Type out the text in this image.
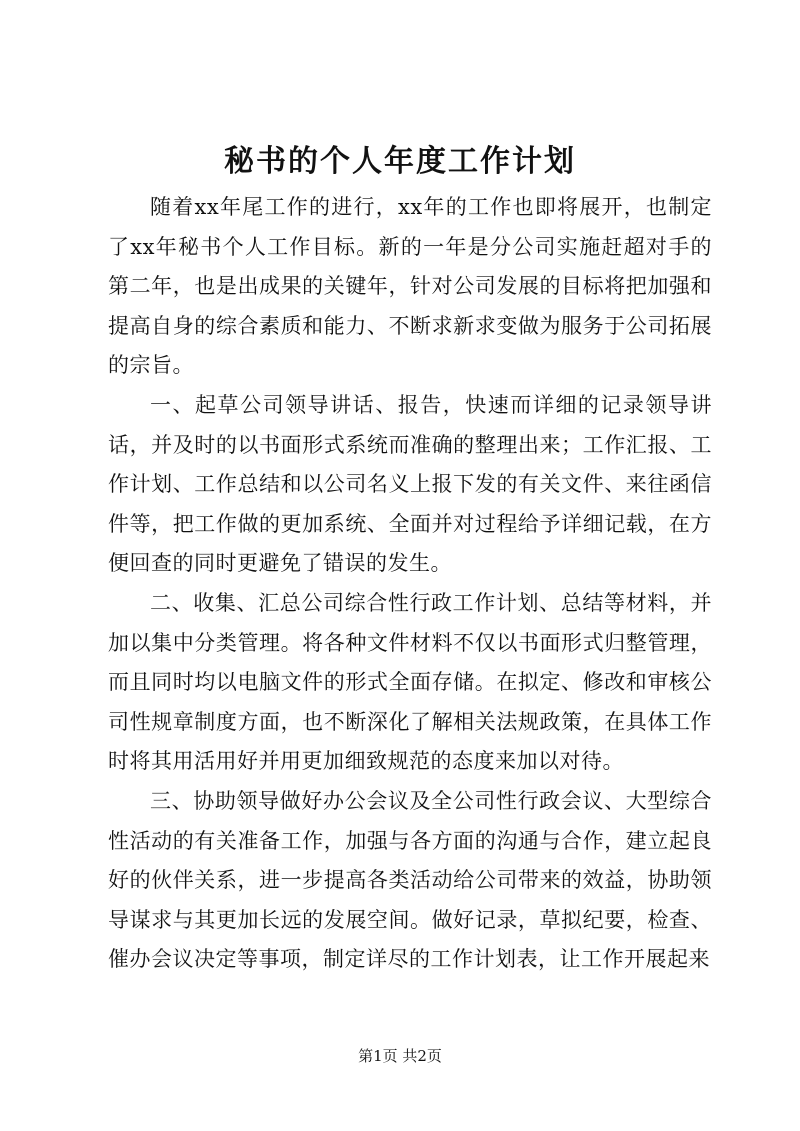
秘书的个人年度工作计划

随着xx年尾工作的进行，xx年的工作也即将展开，也制定了xx年秘书个人工作目标。新的一年是分公司实施赶超对手的第二年，也是出成果的关键年，针对公司发展的目标将把加强和提高自身的综合素质和能力、不断求新求变做为服务于公司拓展的宗旨。

一、起草公司领导讲话、报告，快速而详细的记录领导讲话，并及时的以书面形式系统而准确的整理出来；工作汇报、工作计划、工作总结和以公司名义上报下发的有关文件、来往函信件等，把工作做的更加系统、全面并对过程给予详细记载，在方便回查的同时更避免了错误的发生。

二、收集、汇总公司综合性行政工作计划、总结等材料，并加以集中分类管理。将各种文件材料不仅以书面形式归整管理，而且同时均以电脑文件的形式全面存储。在拟定、修改和审核公司性规章制度方面，也不断深化了解相关法规政策，在具体工作时将其用活用好并用更加细致规范的态度来加以对待。

三、协助领导做好办公会议及全公司性行政会议、大型综合性活动的有关准备工作，加强与各方面的沟通与合作，建立起良好的伙伴关系，进一步提高各类活动给公司带来的效益，协助领导谋求与其更加长远的发展空间。做好记录，草拟纪要，检查、催办会议决定等事项，制定详尽的工作计划表，让工作开展起来

第1页 共2页
